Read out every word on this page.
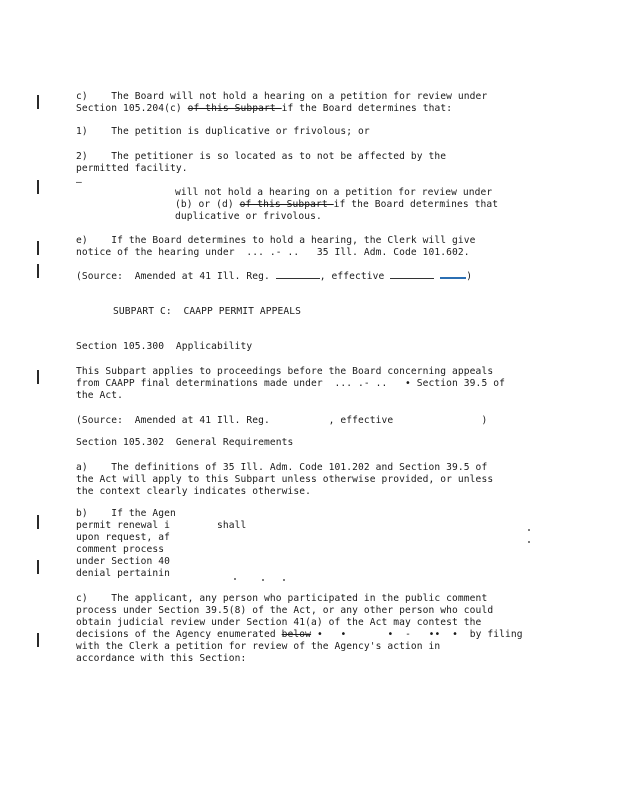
c)    The Board will not hold a hearing on a petition for review under
Section 105.204(c) of this Subpart if the Board determines that:
1)    The petition is duplicative or frivolous; or
2)    The petitioner is so located as to not be affected by the
permitted facility.
—
will not hold a hearing on a petition for review under
(b) or (d) of this Subpart if the Board determines that
duplicative or frivolous.
e)    If the Board determines to hold a hearing, the Clerk will give
notice of the hearing under  ... .- ..   35 Ill. Adm. Code 101.602.
(Source:  Amended at 41 Ill. Reg.	, effective	)
SUBPART C:  CAAPP PERMIT APPEALS
Section 105.300  Applicability
This Subpart applies to proceedings before the Board concerning appeals
from CAAPP final determinations made under  ... .- ..   • Section 39.5 of
the Act.
(Source:  Amended at 41 Ill. Reg.          , effective               )
Section 105.302  General Requirements
a)    The definitions of 35 Ill. Adm. Code 101.202 and Section 39.5 of
the Act will apply to this Subpart unless otherwise provided, or unless
the context clearly indicates otherwise.
b)    If the Agen
permit renewal i        shall
upon request, af
comment process
under Section 40
denial pertainin
c)    The applicant, any person who participated in the public comment
process under Section 39.5(8) of the Act, or any other person who could
obtain judicial review under Section 41(a) of the Act may contest the
decisions of the Agency enumerated below •   •       •  -   ••  •  by filing
with the Clerk a petition for review of the Agency's action in
accordance with this Section:
